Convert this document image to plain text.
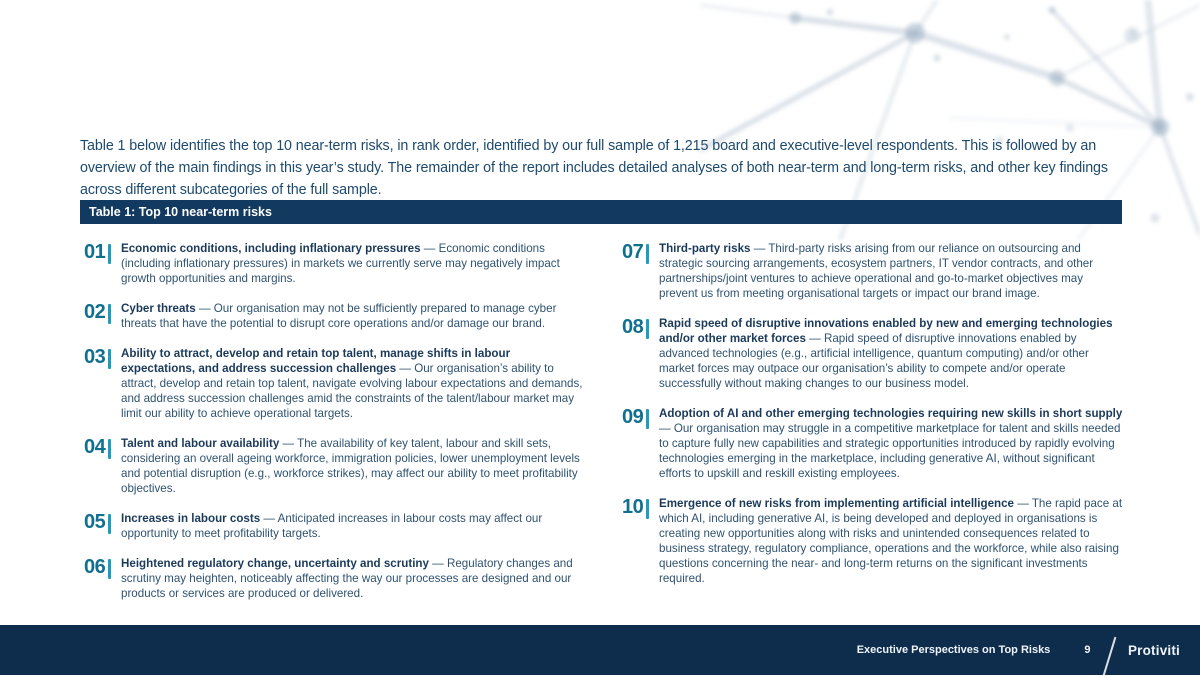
Table 1 below identifies the top 10 near-term risks, in rank order, identified by our full sample of 1,215 board and executive-level respondents. This is followed by an overview of the main findings in this year’s study. The remainder of the report includes detailed analyses of both near-term and long-term risks, and other key findings across different subcategories of the full sample.

Table 1: Top 10 near-term risks
01 Economic conditions, including inflationary pressures — Economic conditions (including inflationary pressures) in markets we currently serve may negatively impact growth opportunities and margins.

02 Cyber threats — Our organisation may not be sufficiently prepared to manage cyber threats that have the potential to disrupt core operations and/or damage our brand.

03 Ability to attract, develop and retain top talent, manage shifts in labour expectations, and address succession challenges — Our organisation’s ability to attract, develop and retain top talent, navigate evolving labour expectations and demands, and address succession challenges amid the constraints of the talent/labour market may limit our ability to achieve operational targets.

04 Talent and labour availability — The availability of key talent, labour and skill sets, considering an overall ageing workforce, immigration policies, lower unemployment levels and potential disruption (e.g., workforce strikes), may affect our ability to meet profitability objectives.

05 Increases in labour costs — Anticipated increases in labour costs may affect our opportunity to meet profitability targets.

06 Heightened regulatory change, uncertainty and scrutiny — Regulatory changes and scrutiny may heighten, noticeably affecting the way our processes are designed and our products or services are produced or delivered.

07 Third-party risks — Third-party risks arising from our reliance on outsourcing and strategic sourcing arrangements, ecosystem partners, IT vendor contracts, and other partnerships/joint ventures to achieve operational and go-to-market objectives may prevent us from meeting organisational targets or impact our brand image.

08 Rapid speed of disruptive innovations enabled by new and emerging technologies and/or other market forces — Rapid speed of disruptive innovations enabled by advanced technologies (e.g., artificial intelligence, quantum computing) and/or other market forces may outpace our organisation’s ability to compete and/or operate successfully without making changes to our business model.

09 Adoption of AI and other emerging technologies requiring new skills in short supply — Our organisation may struggle in a competitive marketplace for talent and skills needed to capture fully new capabilities and strategic opportunities introduced by rapidly evolving technologies emerging in the marketplace, including generative AI, without significant efforts to upskill and reskill existing employees.

10 Emergence of new risks from implementing artificial intelligence — The rapid pace at which AI, including generative AI, is being developed and deployed in organisations is creating new opportunities along with risks and unintended consequences related to business strategy, regulatory compliance, operations and the workforce, while also raising questions concerning the near- and long-term returns on the significant investments required.

Executive Perspectives on Top Risks	9	Protiviti
